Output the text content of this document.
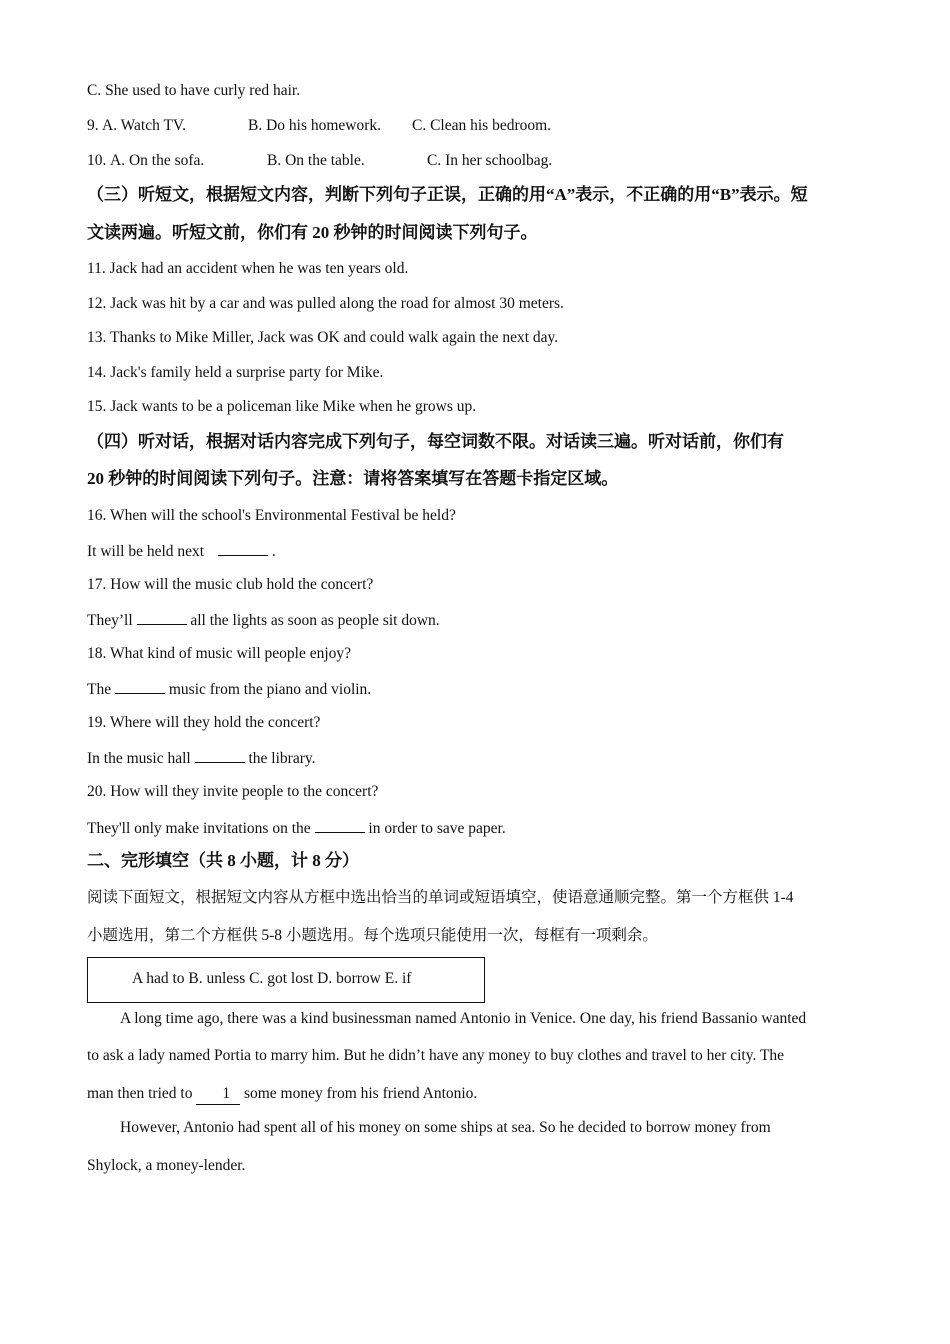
C. She used to have curly red hair.
9. A. Watch TV.	B. Do his homework. C. Clean his bedroom.
10. A. On the sofa.	B. On the table.	C. In her schoolbag.
（三）听短文，根据短文内容，判断下列句子正误，正确的用“A”表示，不正确的用“B”表示。短
文读两遍。听短文前，你们有 20 秒钟的时间阅读下列句子。
11. Jack had an accident when he was ten years old.
12. Jack was hit by a car and was pulled along the road for almost 30 meters.
13. Thanks to Mike Miller, Jack was OK and could walk again the next day.
14. Jack's family held a surprise party for Mike.
15. Jack wants to be a policeman like Mike when he grows up.
（四）听对话，根据对话内容完成下列句子，每空词数不限。对话读三遍。听对话前，你们有
20 秒钟的时间阅读下列句子。注意：请将答案填写在答题卡指定区域。
16. When will the school's Environmental Festival be held?
It will be held next	.
17. How will the music club hold the concert?
They’ll	all the lights as soon as people sit down.
18. What kind of music will people enjoy?
The	music from the piano and violin.
19. Where will they hold the concert?
In the music hall	the library.
20. How will they invite people to the concert?
They'll only make invitations on the	in order to save paper.
二、完形填空（共 8 小题，计 8 分）
阅读下面短文，根据短文内容从方框中选出恰当的单词或短语填空，使语意通顺完整。第一个方框供 1-4
小题选用，第二个方框供 5-8 小题选用。每个选项只能使用一次，每框有一项剩余。
A had to B. unless C. got lost D. borrow E. if
A long time ago, there was a kind businessman named Antonio in Venice. One day, his friend Bassanio wanted
to ask a lady named Portia to marry him. But he didn’t have any money to buy clothes and travel to her city. The
man then tried to 1 some money from his friend Antonio.
However, Antonio had spent all of his money on some ships at sea. So he decided to borrow money from
Shylock, a money-lender.
